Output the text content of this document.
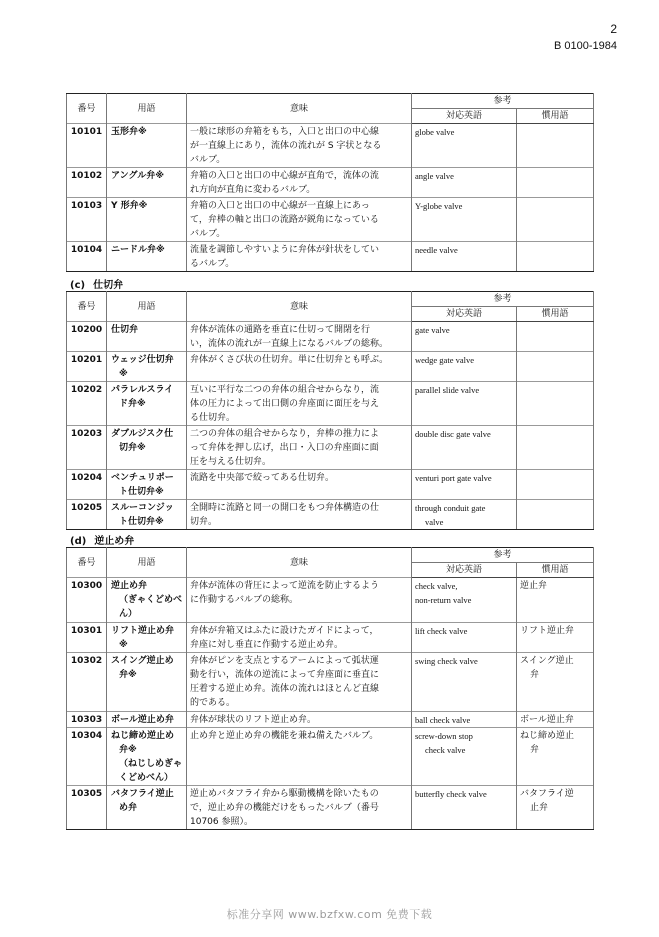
2
B 0100-1984
番号	用語	意味	参考	
			対応英語	慣用語
10101	玉形弁※	一般に球形の弁箱をもち，入口と出口の中心線
が一直線上にあり，流体の流れが S 字状となる
バルブ。	globe valve	

10102	アングル弁※	弁箱の入口と出口の中心線が直角で，流体の流
れ方向が直角に変わるバルブ。	angle valve	

10103	Y 形弁※	弁箱の入口と出口の中心線が一直線上にあっ
て，弁棒の軸と出口の流路が鋭角になっている
バルブ。	Y-globe valve	

10104	ニードル弁※	流量を調節しやすいように弁体が針状をしてい
るバルブ。	needle valve	

(c) 仕切弁
番号	用語	意味	参考	
			対応英語	慣用語
10200	仕切弁	弁体が流体の通路を垂直に仕切って開閉を行
い，流体の流れが一直線上になるバルブの総称。	gate valve	

10201	ウェッジ仕切弁
※	弁体がくさび状の仕切弁。単に仕切弁とも呼ぶ。	wedge gate valve	

10202	パラレルスライ
ド弁※	互いに平行な二つの弁体の組合せからなり，流
体の圧力によって出口側の弁座面に面圧を与え
る仕切弁。	parallel slide valve	

10203	ダブルジスク仕
切弁※	二つの弁体の組合せからなり，弁棒の推力によ
って弁体を押し広げ，出口・入口の弁座面に面
圧を与える仕切弁。	double disc gate valve	

10204	ベンチュリポー
ト仕切弁※	流路を中央部で絞ってある仕切弁。	venturi port gate valve	

10205	スルーコンジッ
ト仕切弁※	全開時に流路と同一の開口をもつ弁体構造の仕
切弁。	through conduit gate
valve	

(d) 逆止め弁
番号	用語	意味	参考	
			対応英語	慣用語
10300	逆止め弁
（ぎゃくどめべ
ん）	弁体が流体の背圧によって逆流を防止するよう
に作動するバルブの総称。	check valve,
non-return valve	逆止弁

10301	リフト逆止め弁
※	弁体が弁箱又はふたに設けたガイドによって，
弁座に対し垂直に作動する逆止め弁。	lift check valve	リフト逆止弁

10302	スイング逆止め
弁※	弁体がピンを支点とするアームによって弧状運
動を行い，流体の逆流によって弁座面に垂直に
圧着する逆止め弁。流体の流れはほとんど直線
的である。	swing check valve	スイング逆止
弁

10303	ボール逆止め弁	弁体が球状のリフト逆止め弁。	ball check valve	ボール逆止弁

10304	ねじ締め逆止め
弁※
（ねじしめぎゃ
くどめべん）	止め弁と逆止め弁の機能を兼ね備えたバルブ。	screw-down stop
check valve	ねじ締め逆止
弁

10305	バタフライ逆止
め弁	逆止めバタフライ弁から駆動機構を除いたもの
で，逆止め弁の機能だけをもったバルブ（番号
10706 参照）。	butterfly check valve	バタフライ逆
止弁
标准分享网 www.bzfxw.com 免费下载
